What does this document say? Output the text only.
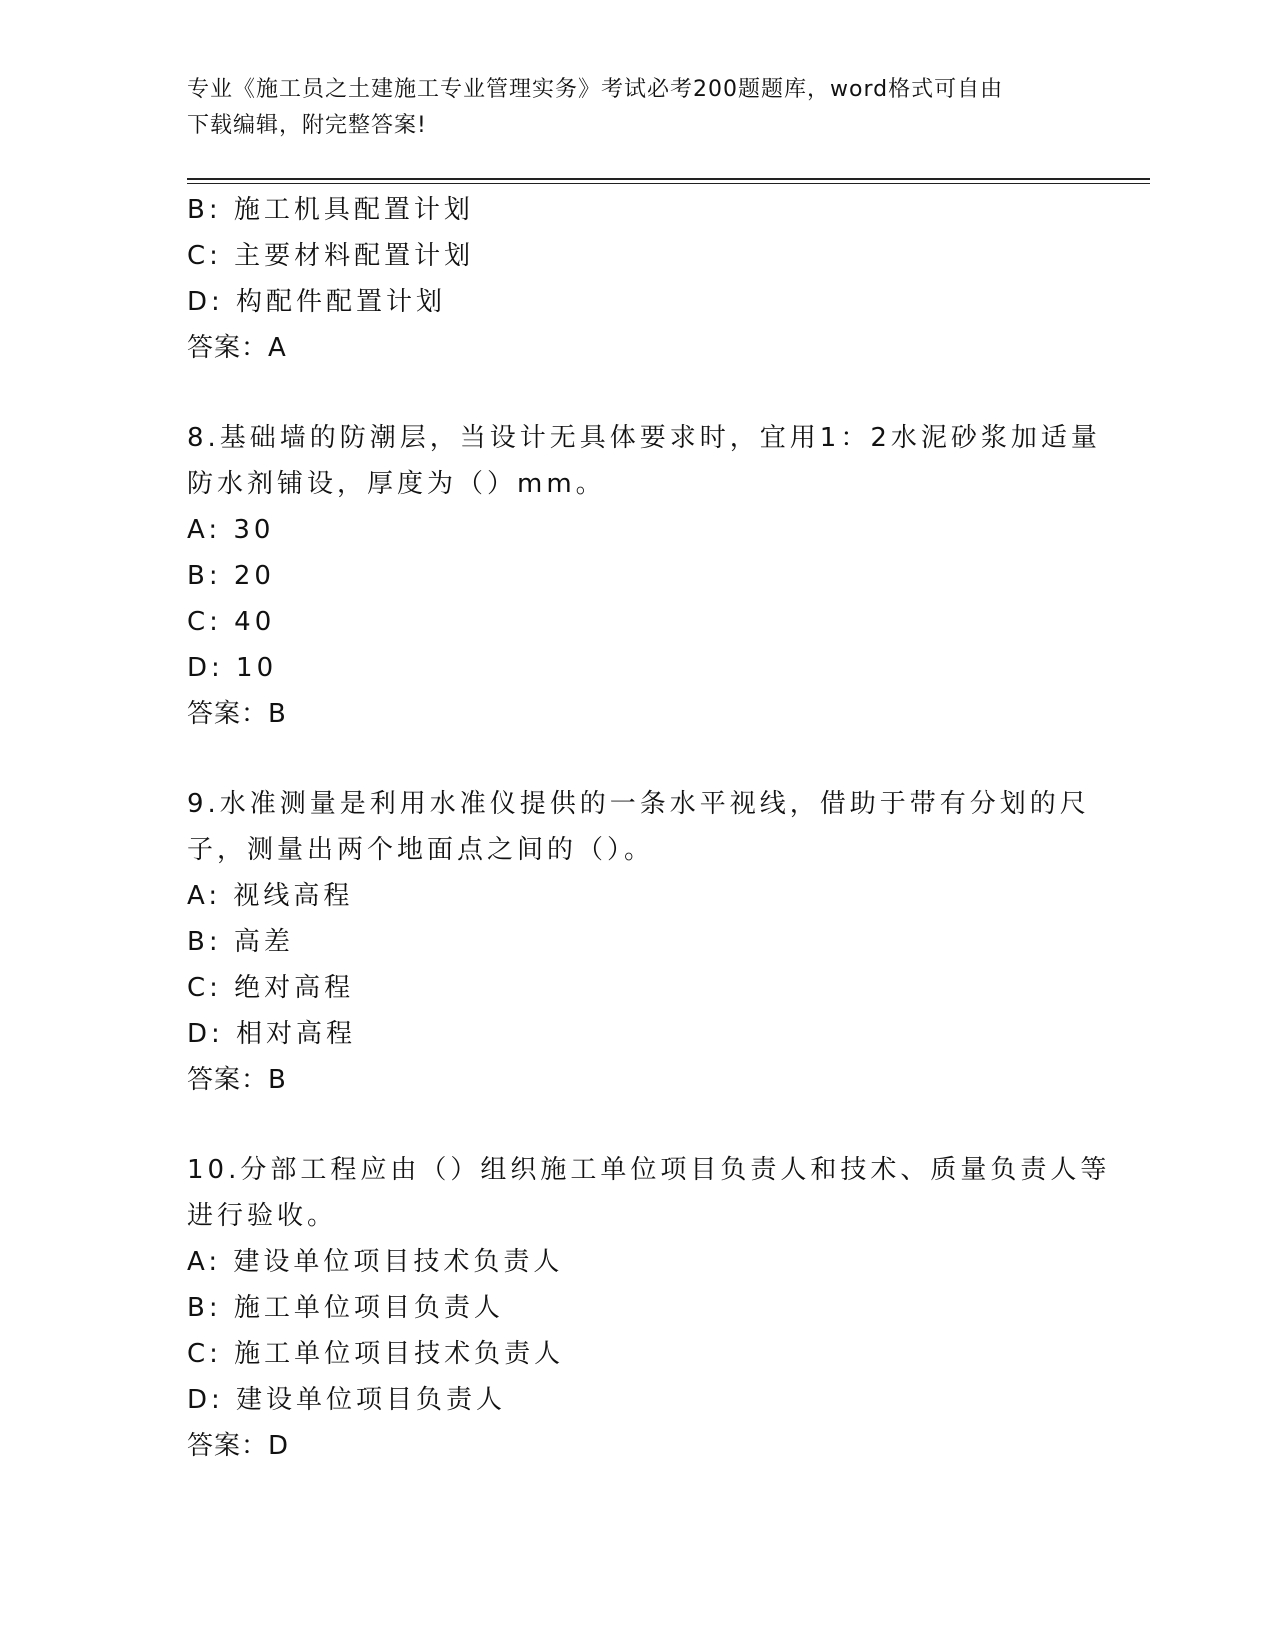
专业《施工员之土建施工专业管理实务》考试必考200题题库，word格式可自由
下载编辑，附完整答案!
B: 施工机具配置计划
C: 主要材料配置计划
D: 构配件配置计划
答案：A
8.基础墙的防潮层，当设计无具体要求时，宜用1：2水泥砂浆加适量
防水剂铺设，厚度为（）mm。
A: 30
B: 20
C: 40
D: 10
答案：B
9.水准测量是利用水准仪提供的一条水平视线，借助于带有分划的尺
子，测量出两个地面点之间的（）。
A: 视线高程
B: 高差
C: 绝对高程
D: 相对高程
答案：B
10.分部工程应由（）组织施工单位项目负责人和技术、质量负责人等
进行验收。
A: 建设单位项目技术负责人
B: 施工单位项目负责人
C: 施工单位项目技术负责人
D: 建设单位项目负责人
答案：D
